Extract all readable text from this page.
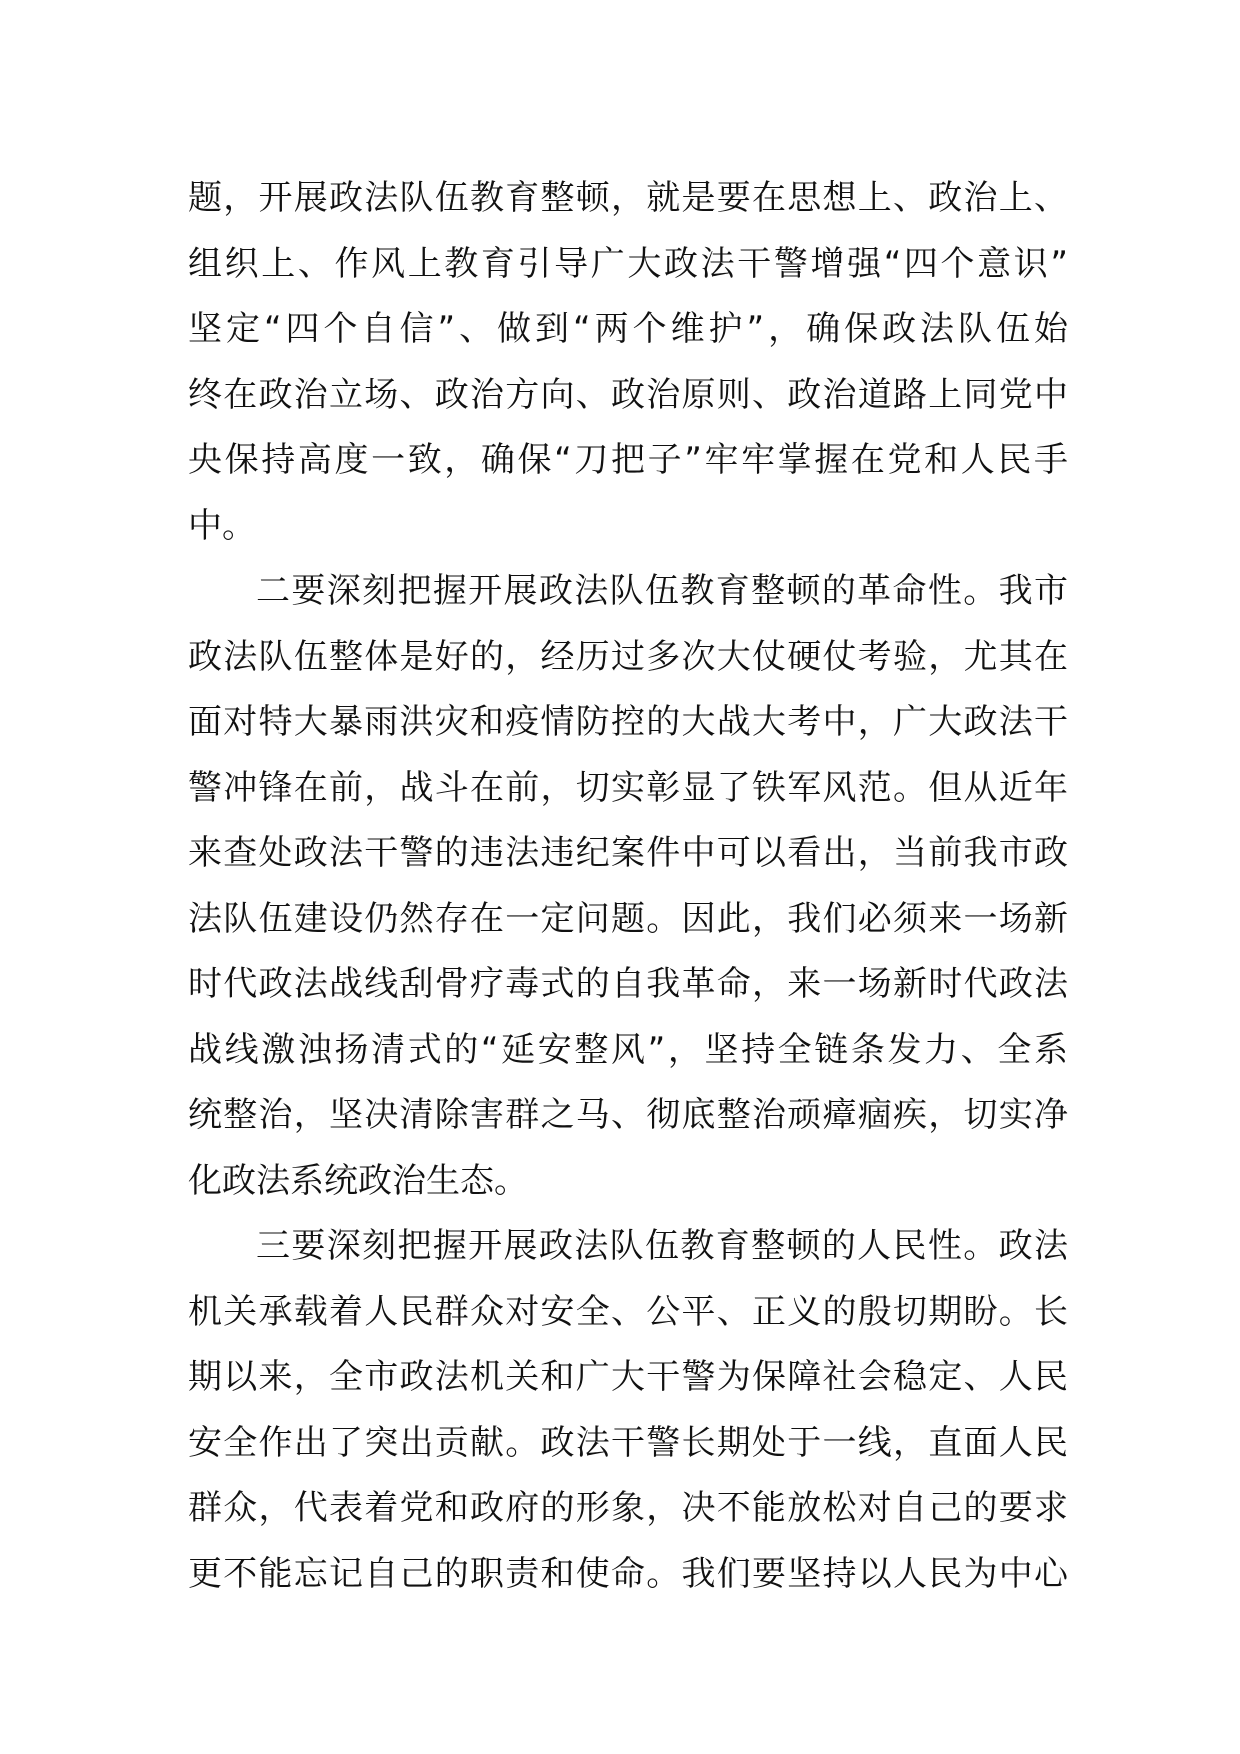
题，开展政法队伍教育整顿，就是要在思想上、政治上、
组织上、作风上教育引导广大政法干警增强“四个意识”
坚定“四个自信”、做到“两个维护”，确保政法队伍始
终在政治立场、政治方向、政治原则、政治道路上同党中
央保持高度一致，确保“刀把子”牢牢掌握在党和人民手
中。
二要深刻把握开展政法队伍教育整顿的革命性。我市
政法队伍整体是好的，经历过多次大仗硬仗考验，尤其在
面对特大暴雨洪灾和疫情防控的大战大考中，广大政法干
警冲锋在前，战斗在前，切实彰显了铁军风范。但从近年
来查处政法干警的违法违纪案件中可以看出，当前我市政
法队伍建设仍然存在一定问题。因此，我们必须来一场新
时代政法战线刮骨疗毒式的自我革命，来一场新时代政法
战线激浊扬清式的“延安整风”，坚持全链条发力、全系
统整治，坚决清除害群之马、彻底整治顽瘴痼疾，切实净
化政法系统政治生态。
三要深刻把握开展政法队伍教育整顿的人民性。政法
机关承载着人民群众对安全、公平、正义的殷切期盼。长
期以来，全市政法机关和广大干警为保障社会稳定、人民
安全作出了突出贡献。政法干警长期处于一线，直面人民
群众，代表着党和政府的形象，决不能放松对自己的要求
更不能忘记自己的职责和使命。我们要坚持以人民为中心
